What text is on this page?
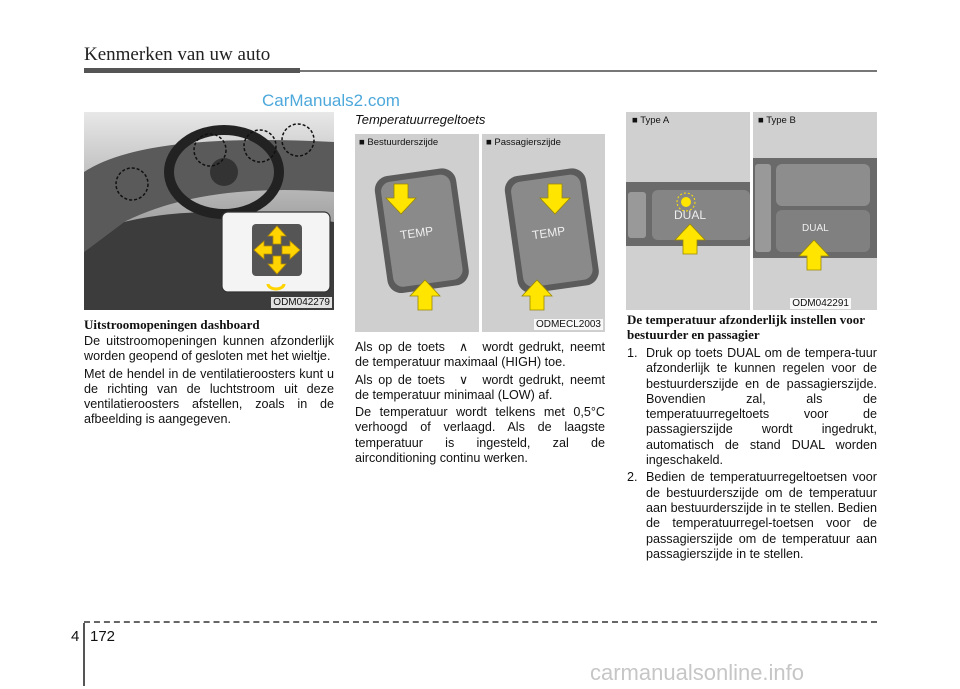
Kenmerken van uw auto
ODM042279
■ Bestuurderszijde	■ Passagierszijde
TEMP	TEMP
ODMECL2003
■ Type A	■ Type B
DUAL
DUAL
ODM042291
CarManuals2.com

Uitstroomopeningen dashboard

De uitstroomopeningen kunnen afzonderlijk worden geopend of gesloten met het wieltje.

Met de hendel in de ventilatieroosters kunt u de richting van de luchtstroom uit deze ventilatieroosters afstellen, zoals in de afbeelding is aangegeven.

Temperatuurregeltoets

Als op de toets ∧ wordt gedrukt, neemt de temperatuur maximaal (HIGH) toe.

Als op de toets ∨ wordt gedrukt, neemt de temperatuur minimaal (LOW) af.

De temperatuur wordt telkens met 0,5°C verhoogd of verlaagd. Als de laagste temperatuur is ingesteld, zal de airconditioning continu werken.

De temperatuur afzonderlijk instellen voor bestuurder en passagier

1. Druk op toets DUAL om de tempera-tuur afzonderlijk te kunnen regelen voor de bestuurderszijde en de passagierszijde. Bovendien zal, als de temperatuurregeltoets voor de passagierszijde wordt ingedrukt, automatisch de stand DUAL worden ingeschakeld.
2. Bedien de temperatuurregeltoetsen voor de bestuurderszijde om de temperatuur aan bestuurderszijde in te stellen. Bedien de temperatuurregel-toetsen voor de passagierszijde om de temperatuur aan passagierszijde in te stellen.
4 172
carmanualsonline.info
